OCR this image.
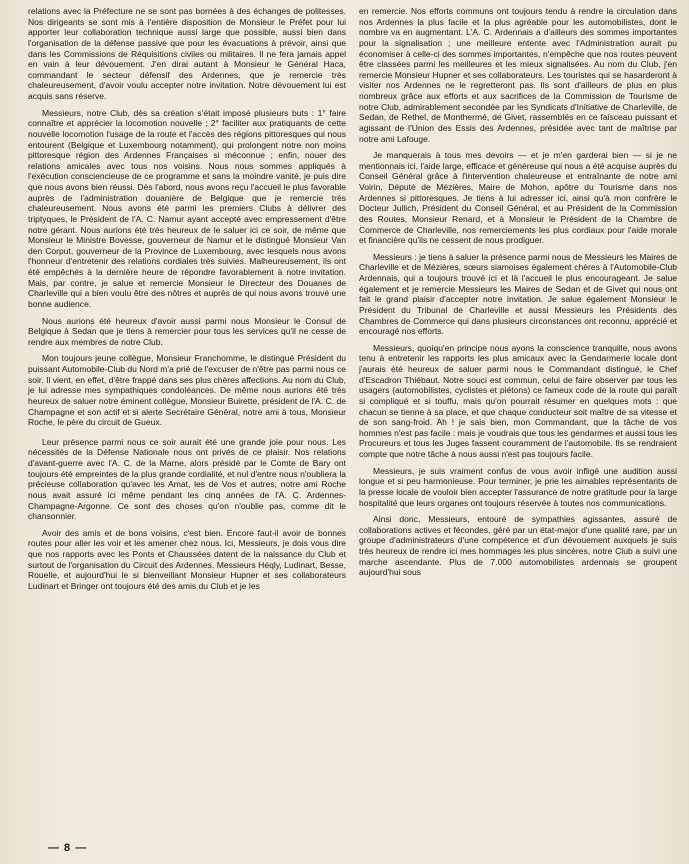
relations avec la Préfecture ne se sont pas bornées à des échanges de politesses. Nos dirigeants se sont mis à l'entière disposition de Monsieur le Préfet pour lui apporter leur collaboration technique aussi large que possible, aussi bien dans l'organisation de la défense passive que pour les évacuations à prévoir, ainsi que dans les Commissions de Réquisitions civiles ou militaires. Il ne fera jamais appel en vain à leur dévouement. J'en dirai autant à Monsieur le Général Haca, commandant le secteur défensif des Ardennes, que je remercie très chaleureusement, d'avoir voulu accepter notre invitation. Notre dévouement lui est acquis sans réserve.

Messieurs, notre Club, dès sa création s'était imposé plusieurs buts : 1° faire connaître et apprécier la locomotion nouvelle ; 2° faciliter aux pratiquants de cette nouvelle locomotion l'usage de la route et l'accès des régions pittoresques qui nous entourent (Belgique et Luxembourg notamment), qui prolongent notre non moins pittoresque région des Ardennes Françaises si méconnue ; enfin, nouer des relations amicales avec tous nos voisins. Nous nous sommes appliqués à l'exécution consciencieuse de ce programme et sans la moindre vanité, je puis dire que nous avons bien réussi. Dès l'abord, nous avons reçu l'accueil le plus favorable auprès de l'administration douanière de Belgique que je remercie très chaleureusement. Nous avons été parmi les premiers Clubs à délivrer des triptyques, le Président de l'A. C. Namur ayant accepté avec empressement d'être notre gérant. Nous aurions été très heureux de le saluer ici ce soir, de même que Monsieur le Ministre Bovesse, gouverneur de Namur et le distingué Monsieur Van den Corput, gouverneur de la Province de Luxembourg, avec lesquels nous avons l'honneur d'entretenir des relations cordiales très suivies. Malheureusement, ils ont été empêchés à la dernière heure de répondre favorablement à notre invitation. Mais, par contre, je salue et remercie Monsieur le Directeur des Douanes de Charleville qui a bien voulu être des nôtres et auprès de qui nous avons trouvé une bonne audience.

Nous aurions été heureux d'avoir aussi parmi nous Monsieur le Consul de Belgique à Sedan que je tiens à remercier pour tous les services qu'il ne cesse de rendre aux membres de notre Club.

Mon toujours jeune collègue, Monsieur Franchomme, le distingué Président du puissant Automobile-Club du Nord m'a prié de l'excuser de n'être pas parmi nous ce soir. Il vient, en effet, d'être frappé dans ses plus chères affections. Au nom du Club, je lui adresse mes sympathiques condoléances. De même nous aurions été très heureux de saluer notre éminent collègue, Monsieur Buirette, président de l'A. C. de Champagne et son actif et si alerte Secrétaire Général, notre ami à tous, Monsieur Roche, le père du circuit de Gueux.

Leur présence parmi nous ce soir aurait été une grande joie pour nous. Les nécessités de la Défense Nationale nous ont privés de ce plaisir. Nos relations d'avant-guerre avec l'A. C. de la Marne, alors présidé par le Comte de Bary ont toujours été empreintes de la plus grande cordialité, et nul d'entre nous n'oubliera la précieuse collaboration qu'avec les Amat, les de Vos et autres, notre ami Roche nous avait assuré ici même pendant les cinq années de l'A. C. Ardennes-Champagne-Argonne. Ce sont des choses qu'on n'oublie pas, comme dit le chansonnier.

Avoir des amis et de bons voisins, c'est bien. Encore faut-il avoir de bonnes routes pour aller les voir et les amener chez nous. Ici, Messieurs, je dois vous dire que nos rapports avec les Ponts et Chaussées datent de la naissance du Club et surtout de l'organisation du Circuit des Ardennes. Messieurs Héqly, Ludinart, Besse, Rouelle, et aujourd'hui le si bienveillant Monsieur Hupner et ses collaborateurs Ludinart et Bringer ont toujours été des amis du Club et je les

en remercie. Nos efforts communs ont toujours tendu à rendre la circulation dans nos Ardennes la plus facile et la plus agréable pour les automobilistes, dont le nombre va en augmentant. L'A. C. Ardennais a d'ailleurs des sommes importantes pour la signalisation ; une meilleure entente avec l'Administration aurait pu économiser à celle-ci des sommes importantes, n'empêche que nos routes peuvent être classées parmi les meilleures et les mieux signalisées. Au nom du Club, j'en remercie Monsieur Hupner et ses collaborateurs. Les touristes qui se hasarderont à visiter nos Ardennes ne le regretteront pas. Ils sont d'ailleurs de plus en plus nombreux grâce aux efforts et aux sacrifices de la Commission de Tourisme de notre Club, admirablement secondée par les Syndicats d'Initiative de Charleville, de Sedan, de Rethel, de Monthermé, de Givet, rassemblés en ce faisceau puissant et agissant de l'Union des Essis des Ardennes, présidée avec tant de maîtrise par notre ami Lafouge.

Je manquerais à tous mes devoirs — et je m'en garderai bien — si je ne mentionnais ici, l'aide large, efficace et généreuse qui nous a été acquise auprès du Conseil Général grâce à l'intervention chaleureuse et entraînante de notre ami Voirin, Député de Mézières, Maire de Mohon, apôtre du Tourisme dans nos Ardennes si pittoresques. Je tiens à lui adresser ici, ainsi qu'à mon confrère le Docteur Jullich, Président du Conseil Général, et au Président de la Commission des Routes, Monsieur Renard, et à Monsieur le Président de la Chambre de Commerce de Charleville, nos remerciements les plus cordiaux pour l'aide morale et financière qu'ils ne cessent de nous prodiguer.

Messieurs : je tiens à saluer la présence parmi nous de Messieurs les Maires de Charleville et de Mézières, sœurs siamoises également chères à l'Automobile-Club Ardennais, qui a toujours trouvé ici et là l'accueil le plus encourageant. Je salue également et je remercie Messieurs les Maires de Sedan et de Givet qui nous ont fait le grand plaisir d'accepter notre invitation. Je salue également Monsieur le Président du Tribunal de Charleville et aussi Messieurs les Présidents des Chambres de Commerce qui dans plusieurs circonstances ont reconnu, apprécié et encouragé nos efforts.

Messieurs, quoiqu'en principe nous ayons la conscience tranquille, nous avons tenu à entretenir les rapports les plus amicaux avec la Gendarmerie locale dont j'aurais été heureux de saluer parmi nous le Commandant distingué, le Chef d'Escadron Thiébaut. Notre souci est commun, celui de faire observer par tous les usagers (automobilistes, cyclistes et piétons) ce fameux code de la route qui paraît si compliqué et si touffu, mais qu'on pourrait résumer en quelques mots : que chacun se tienne à sa place, et que chaque conducteur soit maître de sa vitesse et de son sang-froid. Ah ! je sais bien, mon Commandant, que la tâche de vos hommes n'est pas facile : mais je voudrais que tous les gendarmes et aussi tous les Procureurs et tous les Juges fassent couramment de l'automobile. Ils se rendraient compte que notre tâche à nous aussi n'est pas toujours facile.

Messieurs, je suis vraiment confus de vous avoir infligé une audition aussi longue et si peu harmonieuse. Pour terminer, je prie les aimables représentants de la presse locale de vouloir bien accepter l'assurance de notre gratitude pour la large hospitalité que leurs organes ont toujours réservée à toutes nos communications.

Ainsi donc, Messieurs, entouré de sympathies agissantes, assuré de collaborations actives et fécondes, géré par un état-major d'une qualité rare, par un groupe d'administrateurs d'une compétence et d'un dévouement auxquels je suis très heureux de rendre ici mes hommages les plus sincères, notre Club a suivi une marche ascendante. Plus de 7.000 automobilistes ardennais se groupent aujourd'hui sous

— 8 —
